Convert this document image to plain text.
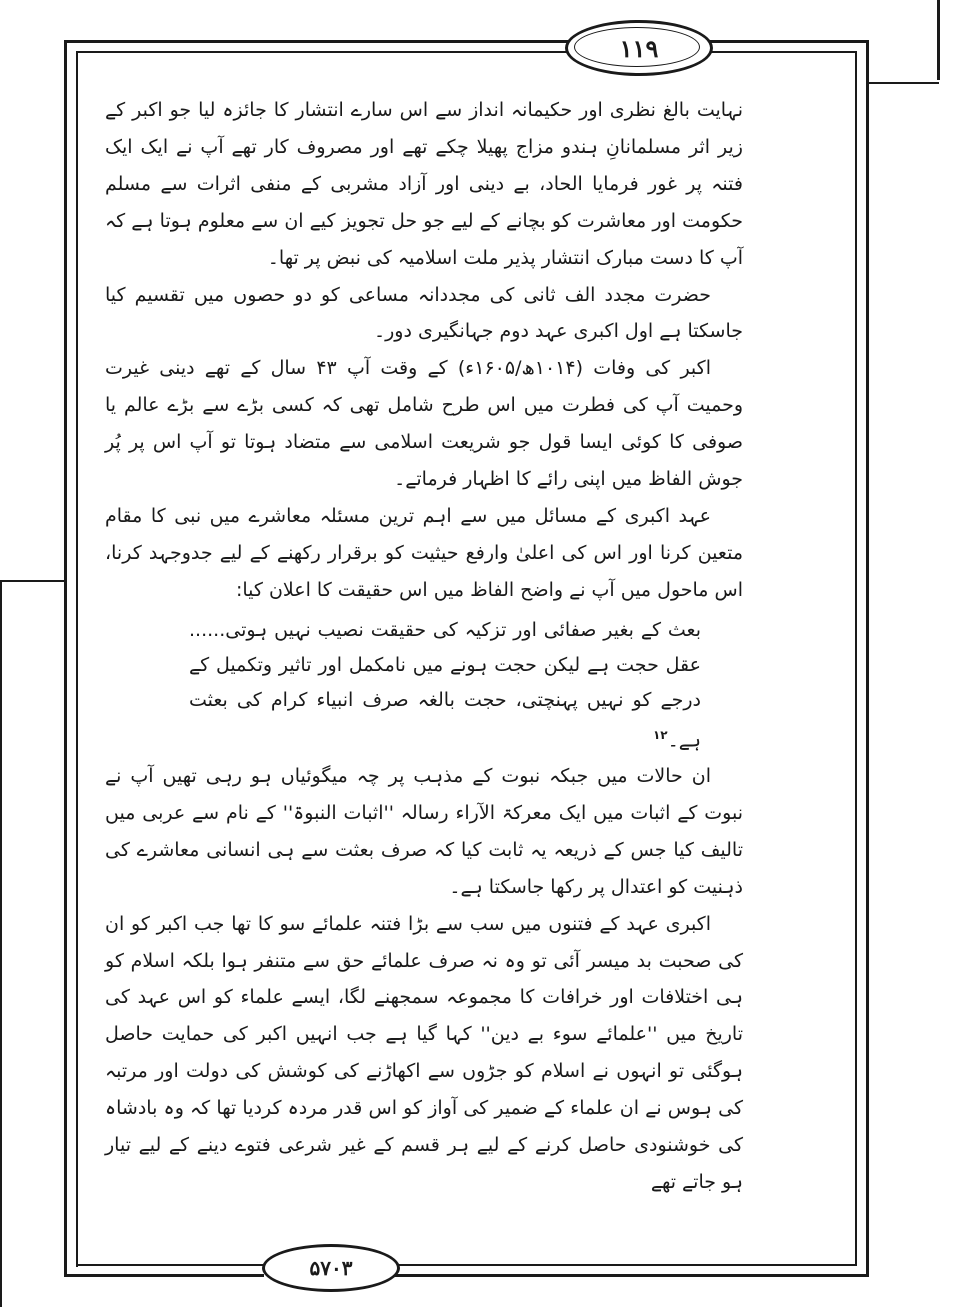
۱۱۹
۵۷۰۳

نہایت بالغ نظری اور حکیمانہ انداز سے اس سارے انتشار کا جائزہ لیا جو اکبر کے زیر اثر مسلمانانِ ہندو مزاج پھیلا چکے تھے اور مصروف کار تھے آپ نے ایک ایک فتنہ پر غور فرمایا الحاد، بے دینی اور آزاد مشربی کے منفی اثرات سے مسلم حکومت اور معاشرت کو بچانے کے لیے جو حل تجویز کیے ان سے معلوم ہوتا ہے کہ آپ کا دست مبارک انتشار پذیر ملت اسلامیہ کی نبض پر تھا۔

حضرت مجدد الف ثانی کی مجددانہ مساعی کو دو حصوں میں تقسیم کیا جاسکتا ہے اول اکبری عہد دوم جہانگیری دور۔

اکبر کی وفات (۱۰۱۴ھ/۱۶۰۵ء) کے وقت آپ ۴۳ سال کے تھے دینی غیرت وحمیت آپ کی فطرت میں اس طرح شامل تھی کہ کسی بڑے سے بڑے عالم یا صوفی کا کوئی ایسا قول جو شریعت اسلامی سے متضاد ہوتا تو آپ اس پر پُر جوش الفاظ میں اپنی رائے کا اظہار فرماتے۔

عہد اکبری کے مسائل میں سے اہم ترین مسئلہ معاشرے میں نبی کا مقام متعین کرنا اور اس کی اعلیٰ وارفع حیثیت کو برقرار رکھنے کے لیے جدوجہد کرنا، اس ماحول میں آپ نے واضح الفاظ میں اس حقیقت کا اعلان کیا:

بعث کے بغیر صفائی اور تزکیہ کی حقیقت نصیب نہیں ہوتی...... عقل حجت ہے لیکن حجت ہونے میں نامکمل اور تاثیر وتکمیل کے درجے کو نہیں پہنچتی، حجت بالغہ صرف انبیاء کرام کی بعثت ہے۔$^{۱۲}$

ان حالات میں جبکہ نبوت کے مذہب پر چہ میگوئیاں ہو رہی تھیں آپ نے نبوت کے اثبات میں ایک معرکۃ الآراء رسالہ ''اثبات النبوۃ'' کے نام سے عربی میں تالیف کیا جس کے ذریعہ یہ ثابت کیا کہ صرف بعثت سے ہی انسانی معاشرے کی ذہنیت کو اعتدال پر رکھا جاسکتا ہے۔

اکبری عہد کے فتنوں میں سب سے بڑا فتنہ علمائے سو کا تھا جب اکبر کو ان کی صحبت بد میسر آئی تو وہ نہ صرف علمائے حق سے متنفر ہوا بلکہ اسلام کو ہی اختلافات اور خرافات کا مجموعہ سمجھنے لگا، ایسے علماء کو اس عہد کی تاریخ میں ''علمائے سوء بے دین'' کہا گیا ہے جب انہیں اکبر کی حمایت حاصل ہوگئی تو انہوں نے اسلام کو جڑوں سے اکھاڑنے کی کوشش کی دولت اور مرتبہ کی ہوس نے ان علماء کے ضمیر کی آواز کو اس قدر مردہ کردیا تھا کہ وہ بادشاہ کی خوشنودی حاصل کرنے کے لیے ہر قسم کے غیر شرعی فتوے دینے کے لیے تیار ہو جاتے تھے
